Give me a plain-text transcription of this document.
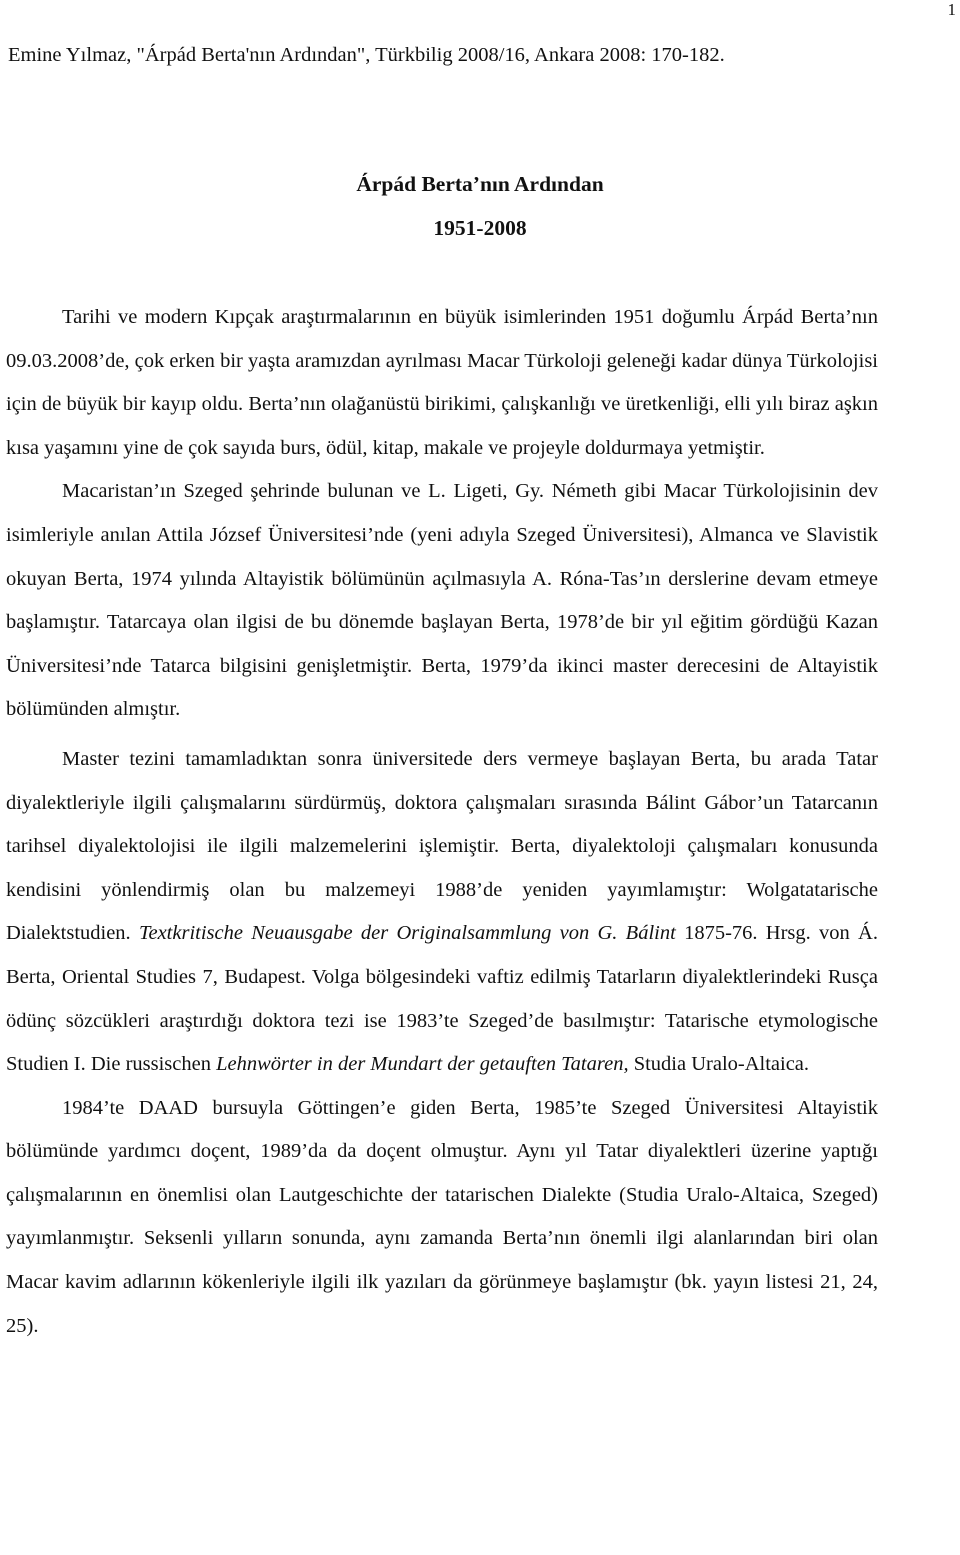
1
Emine Yılmaz, "Árpád Berta'nın Ardından", Türkbilig 2008/16, Ankara 2008: 170-182.
Árpád Berta’nın Ardından
1951-2008

Tarihi ve modern Kıpçak araştırmalarının en büyük isimlerinden 1951 doğumlu Árpád Berta’nın 09.03.2008’de, çok erken bir yaşta aramızdan ayrılması Macar Türkoloji geleneği kadar dünya Türkolojisi için de büyük bir kayıp oldu. Berta’nın olağanüstü birikimi, çalışkanlığı ve üretkenliği, elli yılı biraz aşkın kısa yaşamını yine de çok sayıda burs, ödül, kitap, makale ve projeyle doldurmaya yetmiştir.

Macaristan’ın Szeged şehrinde bulunan ve L. Ligeti, Gy. Németh gibi Macar Türkolojisinin dev isimleriyle anılan Attila József Üniversitesi’nde (yeni adıyla Szeged Üniversitesi), Almanca ve Slavistik okuyan Berta, 1974 yılında Altayistik bölümünün açılmasıyla A. Róna-Tas’ın derslerine devam etmeye başlamıştır. Tatarcaya olan ilgisi de bu dönemde başlayan Berta, 1978’de bir yıl eğitim gördüğü Kazan Üniversitesi’nde Tatarca bilgisini genişletmiştir. Berta, 1979’da ikinci master derecesini de Altayistik bölümünden almıştır.

Master tezini tamamladıktan sonra üniversitede ders vermeye başlayan Berta, bu arada Tatar diyalektleriyle ilgili çalışmalarını sürdürmüş, doktora çalışmaları sırasında Bálint Gábor’un Tatarcanın tarihsel diyalektolojisi ile ilgili malzemelerini işlemiştir. Berta, diyalektoloji çalışmaları konusunda kendisini yönlendirmiş olan bu malzemeyi 1988’de yeniden yayımlamıştır: Wolgatatarische Dialektstudien. Textkritische Neuausgabe der Originalsammlung von G. Bálint 1875-76. Hrsg. von Á. Berta, Oriental Studies 7, Budapest. Volga bölgesindeki vaftiz edilmiş Tatarların diyalektlerindeki Rusça ödünç sözcükleri araştırdığı doktora tezi ise 1983’te Szeged’de basılmıştır: Tatarische etymologische Studien I. Die russischen Lehnwörter in der Mundart der getauften Tataren, Studia Uralo-Altaica.

1984’te DAAD bursuyla Göttingen’e giden Berta, 1985’te Szeged Üniversitesi Altayistik bölümünde yardımcı doçent, 1989’da da doçent olmuştur. Aynı yıl Tatar diyalektleri üzerine yaptığı çalışmalarının en önemlisi olan Lautgeschichte der tatarischen Dialekte (Studia Uralo-Altaica, Szeged) yayımlanmıştır. Seksenli yılların sonunda, aynı zamanda Berta’nın önemli ilgi alanlarından biri olan Macar kavim adlarının kökenleriyle ilgili ilk yazıları da görünmeye başlamıştır (bk. yayın listesi 21, 24, 25).
